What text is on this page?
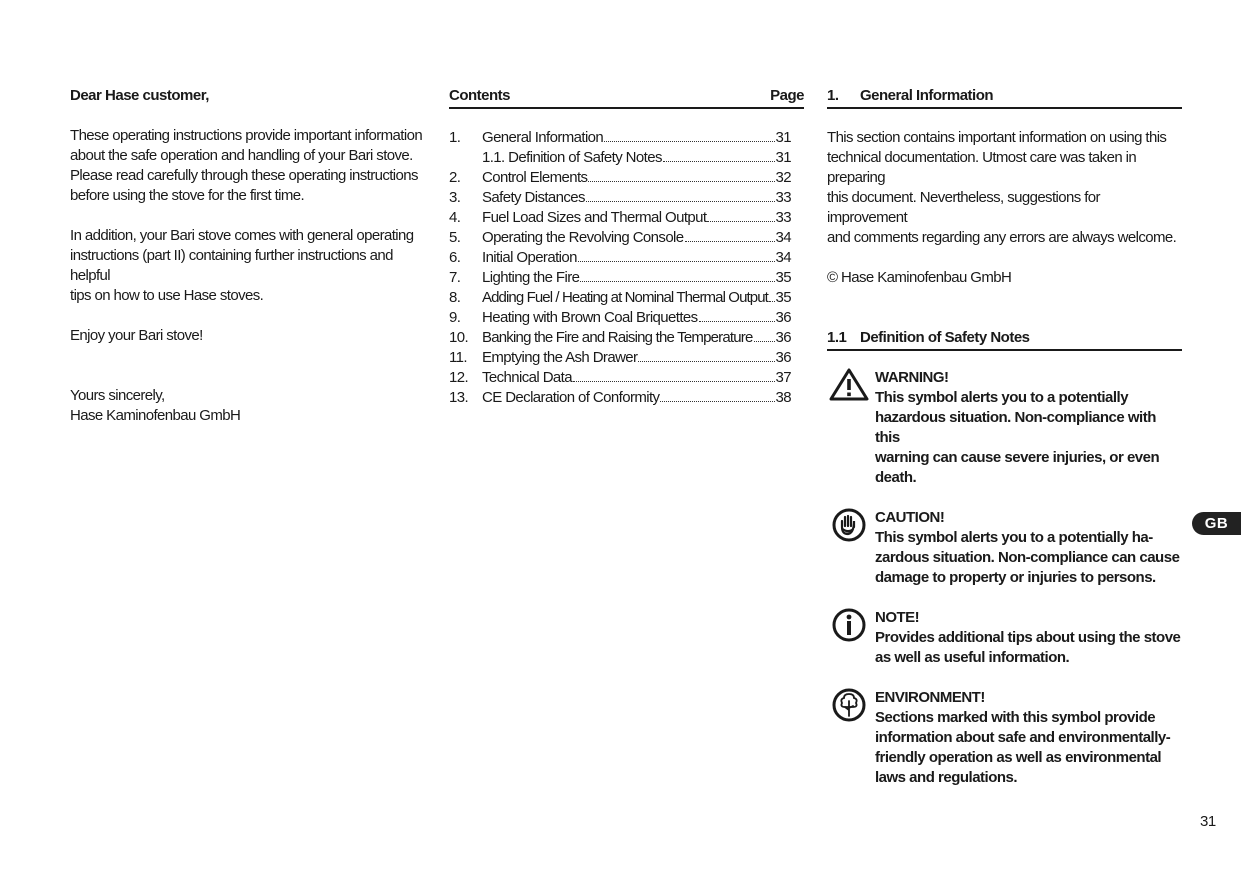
Dear Hase customer,

These operating instructions provide important information
about the safe operation and handling of your Bari stove.
Please read carefully through these operating instructions
before using the stove for the first time.

In addition, your Bari stove comes with general operating
instructions (part II) containing further instructions and helpful
tips on how to use Hase stoves.

Enjoy your Bari stove!

Yours sincerely,
Hase Kaminofenbau GmbH

Contents	Page
1.	General Information	31
1.1. Definition of Safety Notes	31
2.	Control Elements	32
3.	Safety Distances	33
4.	Fuel Load Sizes and Thermal Output	33
5.	Operating the Revolving Console	34
6.	Initial Operation	34
7.	Lighting the Fire	35
8.	Adding Fuel / Heating at Nominal Thermal Output 35
9.	Heating with Brown Coal Briquettes	36
10. Banking the Fire and Raising the Temperature 36
11.	Emptying the Ash Drawer	36
12. Technical Data	37
13. CE Declaration of Conformity	38
1.	General Information

This section contains important information on using this
technical documentation. Utmost care was taken in preparing
this document. Nevertheless, suggestions for improvement
and comments regarding any errors are always welcome.

© Hase Kaminofenbau GmbH

1.1 Definition of Safety Notes
WARNING!
This symbol alerts you to a potentially
hazardous situation. Non-compliance with this
warning can cause severe injuries, or even
death.
CAUTION!
This symbol alerts you to a potentially ha-
zardous situation. Non-compliance can cause
damage to property or injuries to persons.
NOTE!
Provides additional tips about using the stove
as well as useful information.
ENVIRONMENT!
Sections marked with this symbol provide
information about safe and environmentally-
friendly operation as well as environmental
laws and regulations.
GB
31
